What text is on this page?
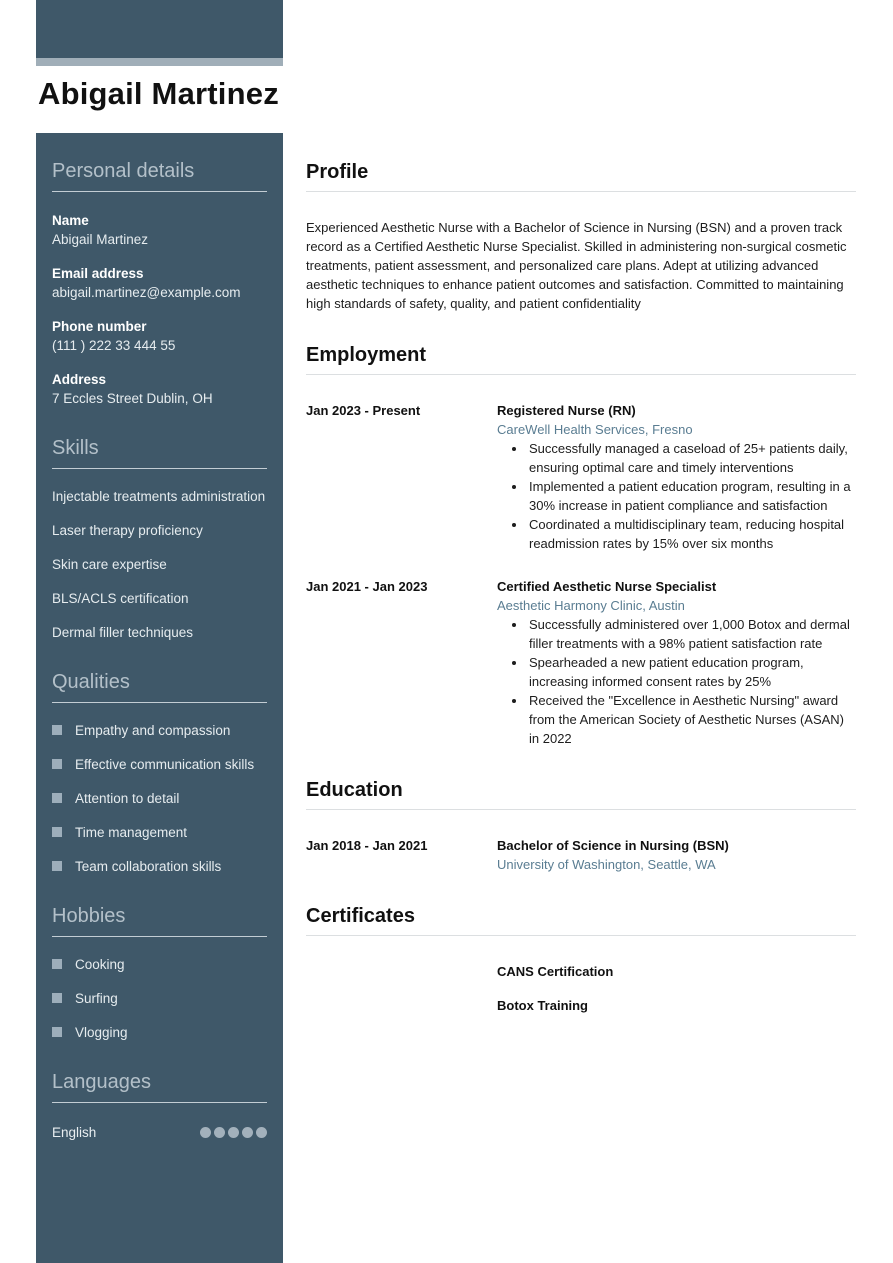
Abigail Martinez
Personal details
Name
Abigail Martinez
Email address
abigail.martinez@example.com
Phone number
(111 ) 222 33 444 55
Address
7 Eccles Street Dublin, OH
Skills
Injectable treatments administration
Laser therapy proficiency
Skin care expertise
BLS/ACLS certification
Dermal filler techniques
Qualities
Empathy and compassion
Effective communication skills
Attention to detail
Time management
Team collaboration skills
Hobbies
Cooking
Surfing
Vlogging
Languages
English
Profile

Experienced Aesthetic Nurse with a Bachelor of Science in Nursing (BSN) and a proven track record as a Certified Aesthetic Nurse Specialist. Skilled in administering non-surgical cosmetic treatments, patient assessment, and personalized care plans. Adept at utilizing advanced aesthetic techniques to enhance patient outcomes and satisfaction. Committed to maintaining high standards of safety, quality, and patient confidentiality

Employment
Jan 2023 - Present	Registered Nurse (RN)
CareWell Health Services, Fresno
• Successfully managed a caseload of 25+ patients daily, ensuring optimal care and timely interventions
• Implemented a patient education program, resulting in a 30% increase in patient compliance and satisfaction
• Coordinated a multidisciplinary team, reducing hospital readmission rates by 15% over six months
Jan 2021 - Jan 2023	Certified Aesthetic Nurse Specialist
Aesthetic Harmony Clinic, Austin
• Successfully administered over 1,000 Botox and dermal filler treatments with a 98% patient satisfaction rate
• Spearheaded a new patient education program, increasing informed consent rates by 25%
• Received the "Excellence in Aesthetic Nursing" award from the American Society of Aesthetic Nurses (ASAN) in 2022
Education
Jan 2018 - Jan 2021	Bachelor of Science in Nursing (BSN)
University of Washington, Seattle, WA
Certificates
CANS Certification
Botox Training
